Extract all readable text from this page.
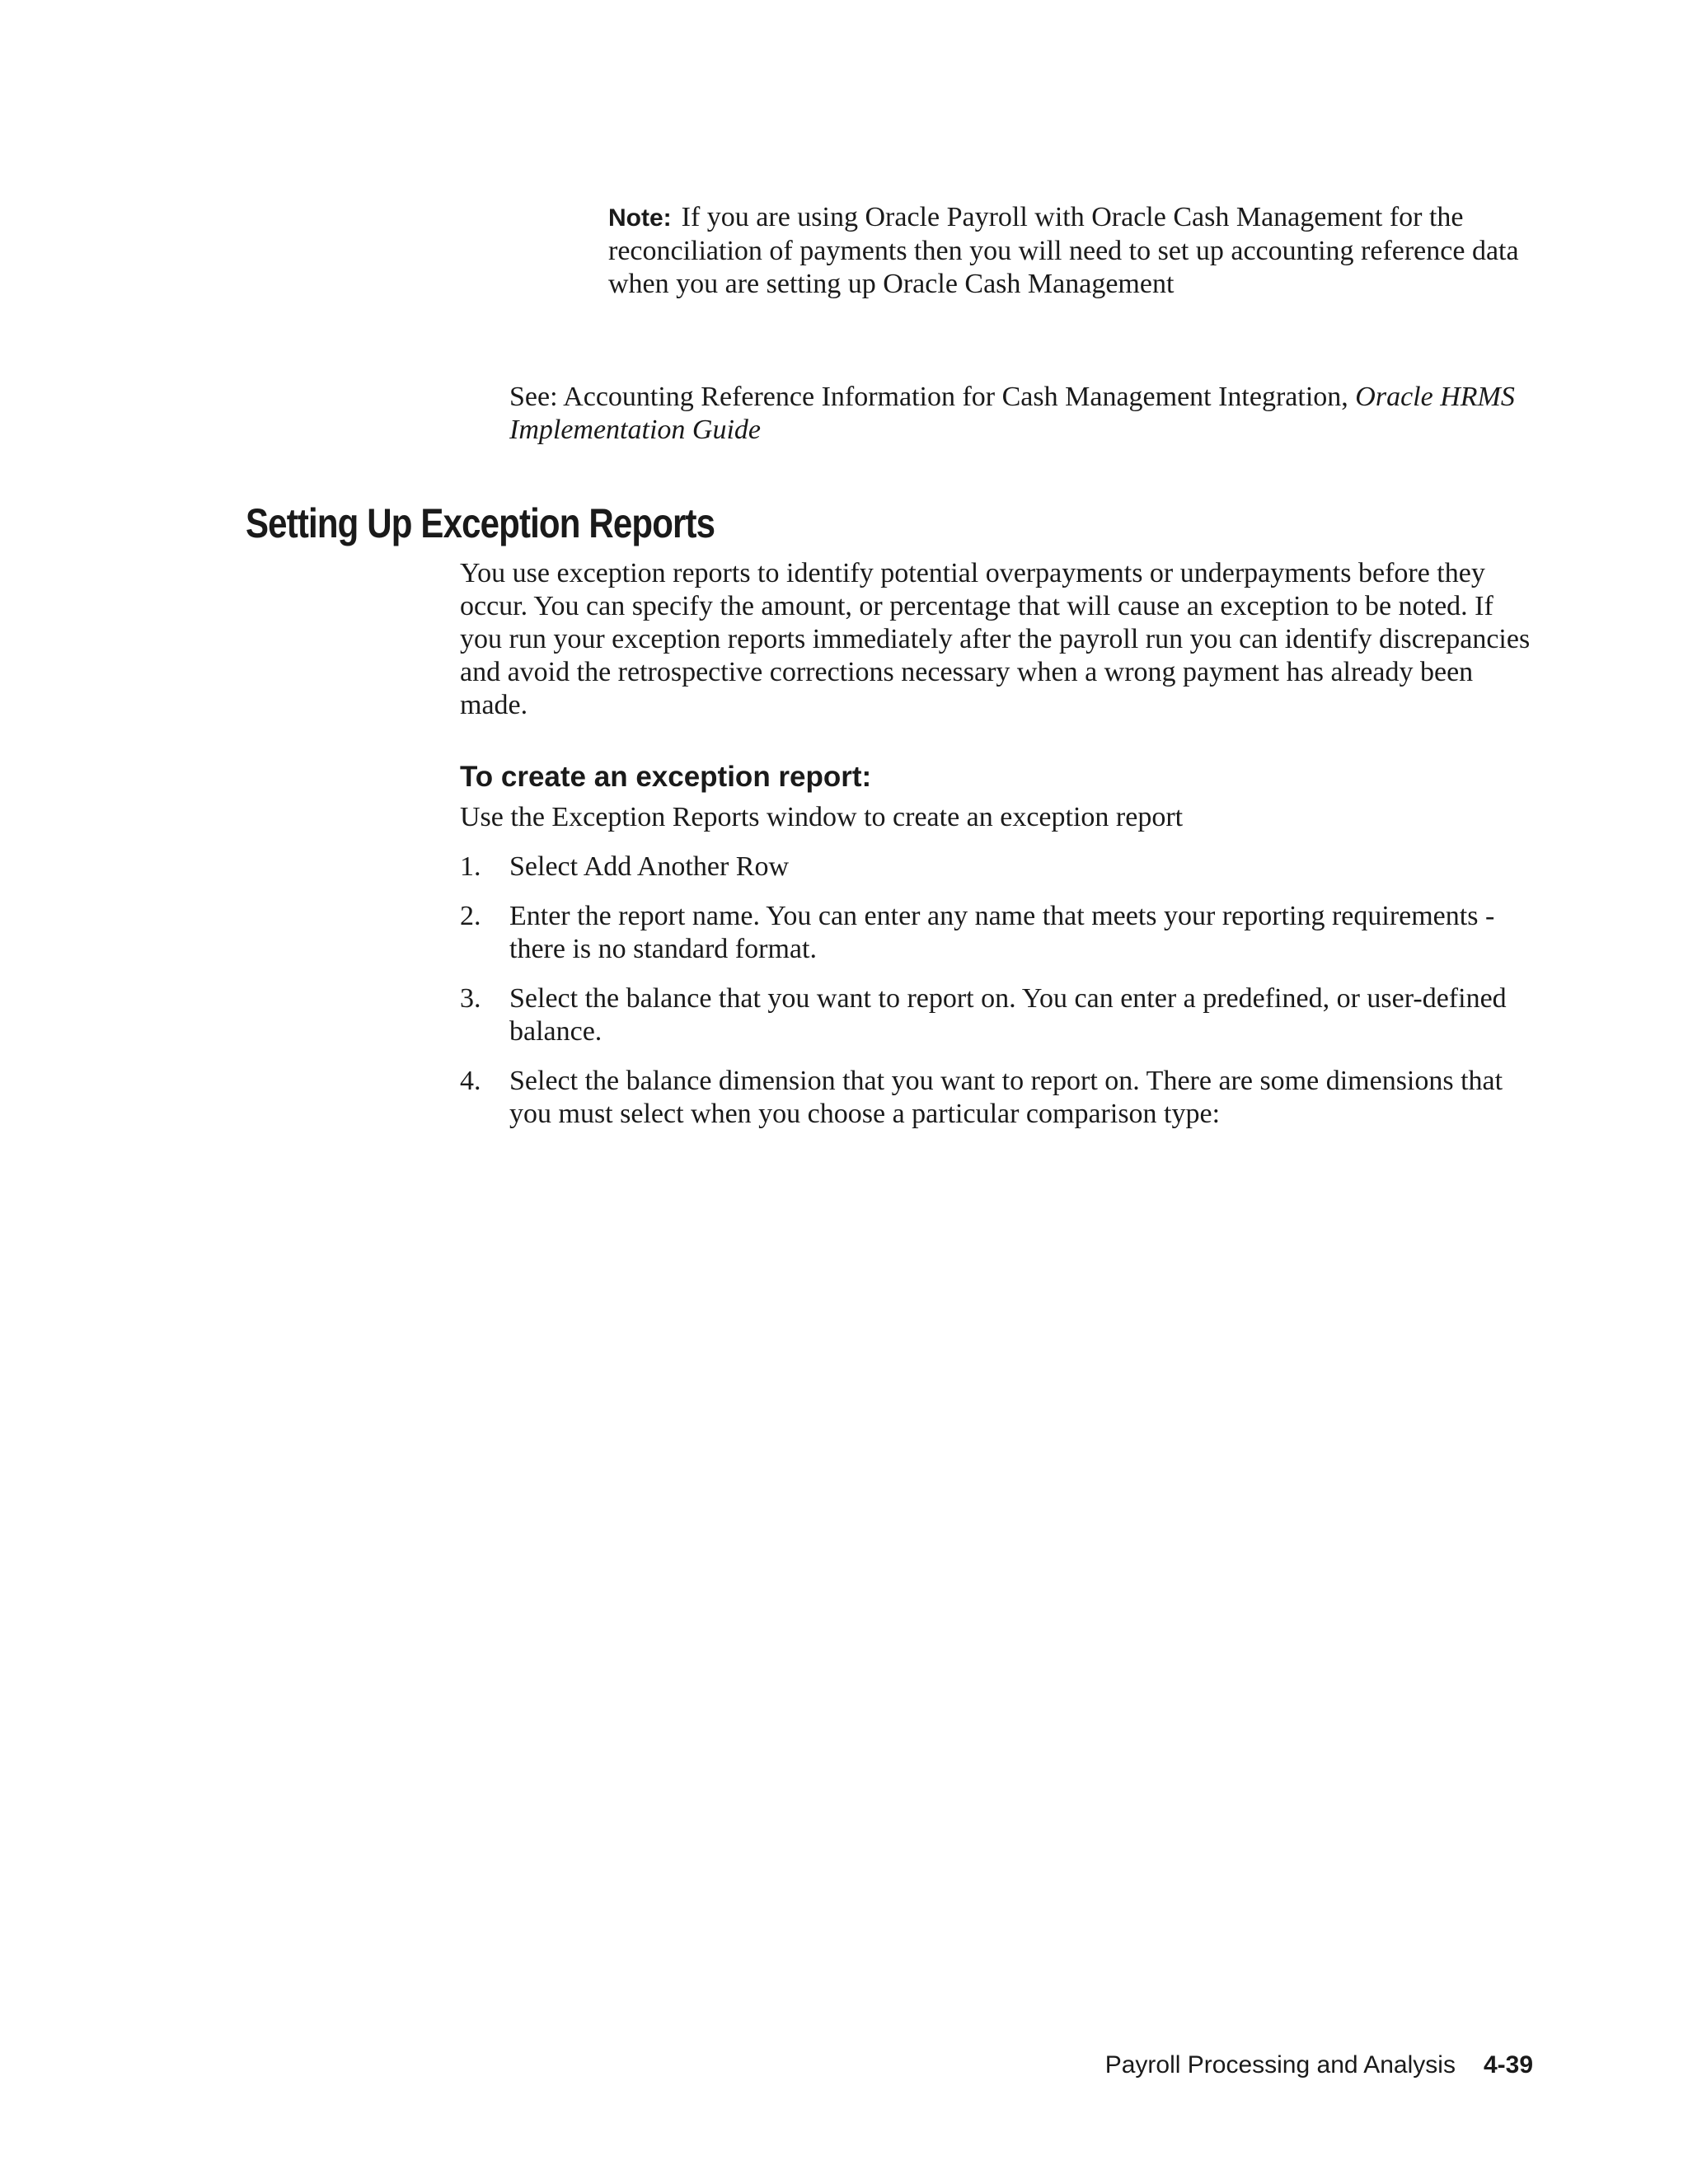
Note: If you are using Oracle Payroll with Oracle Cash Management for the reconciliation of payments then you will need to set up accounting reference data when you are setting up Oracle Cash Management
See: Accounting Reference Information for Cash Management Integration, Oracle HRMS Implementation Guide
Setting Up Exception Reports

You use exception reports to identify potential overpayments or underpayments before they occur. You can specify the amount, or percentage that will cause an exception to be noted. If you run your exception reports immediately after the payroll run you can identify discrepancies and avoid the retrospective corrections necessary when a wrong payment has already been made.

To create an exception report:

Use the Exception Reports window to create an exception report

1. Select Add Another Row
2. Enter the report name. You can enter any name that meets your reporting requirements - there is no standard format.
3. Select the balance that you want to report on. You can enter a predefined, or user-defined balance.
4. Select the balance dimension that you want to report on. There are some dimensions that you must select when you choose a particular comparison type:
Payroll Processing and Analysis 4-39
